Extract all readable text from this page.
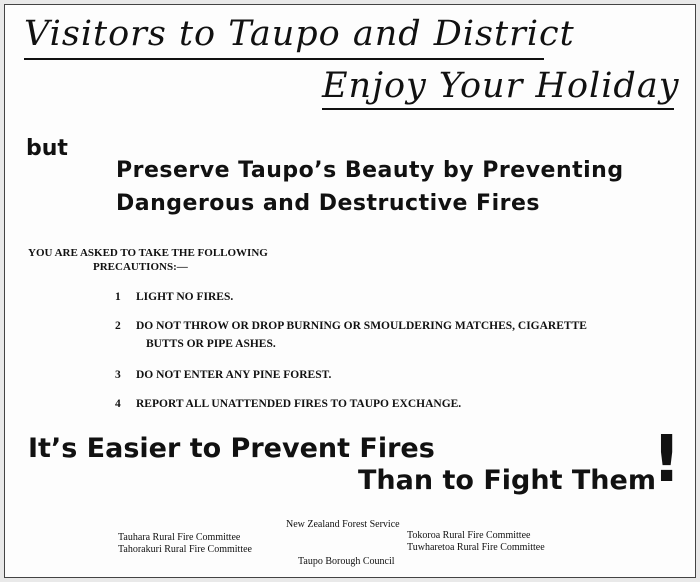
Visitors to Taupo and District

Enjoy Your Holiday

but

Preserve Taupo’s Beauty by Preventing

Dangerous and Destructive Fires

YOU ARE ASKED TO TAKE THE FOLLOWING

PRECAUTIONS:—

1 LIGHT NO FIRES.

2 DO NOT THROW OR DROP BURNING OR SMOULDERING MATCHES, CIGARETTE

BUTTS OR PIPE ASHES.

3 DO NOT ENTER ANY PINE FOREST.

4 REPORT ALL UNATTENDED FIRES TO TAUPO EXCHANGE.

It’s Easier to Prevent Fires

Than to Fight Them

!

New Zealand Forest Service

Tauhara Rural Fire Committee	Tokoroa Rural Fire Committee

Tahorakuri Rural Fire Committee	Tuwharetoa Rural Fire Committee

Taupo Borough Council
